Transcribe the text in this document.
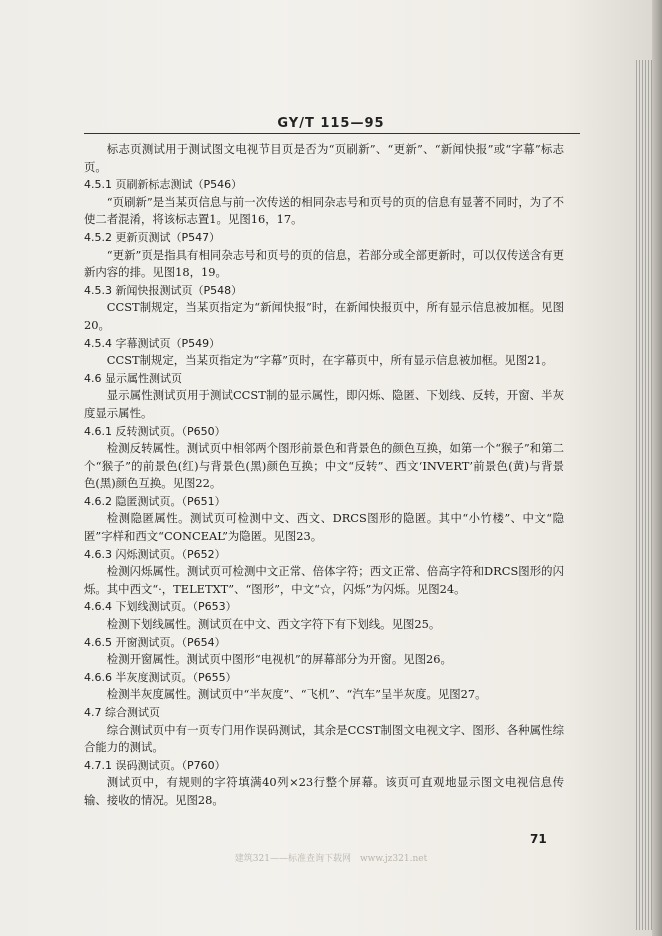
GY/T 115—95

标志页测试用于测试图文电视节目页是否为“页刷新”、“更新”、“新闻快报”或“字幕”标志页。

4.5.1 页刷新标志测试（P546）

“页刷新”是当某页信息与前一次传送的相同杂志号和页号的页的信息有显著不同时，为了不使二者混淆，将该标志置1。见图16，17。

4.5.2 更新页测试（P547）

“更新”页是指具有相同杂志号和页号的页的信息，若部分或全部更新时，可以仅传送含有更新内容的排。见图18，19。

4.5.3 新闻快报测试页（P548）

CCST制规定，当某页指定为“新闻快报”时，在新闻快报页中，所有显示信息被加框。见图20。

4.5.4 字幕测试页（P549）

CCST制规定，当某页指定为“字幕”页时，在字幕页中，所有显示信息被加框。见图21。

4.6 显示属性测试页

显示属性测试页用于测试CCST制的显示属性，即闪烁、隐匿、下划线、反转，开窗、半灰度显示属性。

4.6.1 反转测试页。（P650）

检测反转属性。测试页中相邻两个图形前景色和背景色的颜色互换，如第一个“猴子”和第二个“猴子”的前景色(红)与背景色(黑)颜色互换；中文“反转”、西文‘INVERT’前景色(黄)与背景色(黑)颜色互换。见图22。

4.6.2 隐匿测试页。（P651）

检测隐匿属性。测试页可检测中文、西文、DRCS图形的隐匿。其中“小竹楼”、中文“隐匿”字样和西文“CONCEAL”为隐匿。见图23。

4.6.3 闪烁测试页。（P652）

检测闪烁属性。测试页可检测中文正常、倍体字符；西文正常、倍高字符和DRCS图形的闪烁。其中西文“·，TELETXT”、“图形”，中文“☆，闪烁”为闪烁。见图24。

4.6.4 下划线测试页。（P653）

检测下划线属性。测试页在中文、西文字符下有下划线。见图25。

4.6.5 开窗测试页。（P654）

检测开窗属性。测试页中图形“电视机”的屏幕部分为开窗。见图26。

4.6.6 半灰度测试页。（P655）

检测半灰度属性。测试页中“半灰度”、“飞机”、“汽车”呈半灰度。见图27。

4.7 综合测试页

综合测试页中有一页专门用作误码测试，其余是CCST制图文电视文字、图形、各种属性综合能力的测试。

4.7.1 误码测试页。（P760）

测试页中，有规则的字符填满40列×23行整个屏幕。该页可直观地显示图文电视信息传输、接收的情况。见图28。

71
建筑321——标准查询下载网　www.jz321.net
